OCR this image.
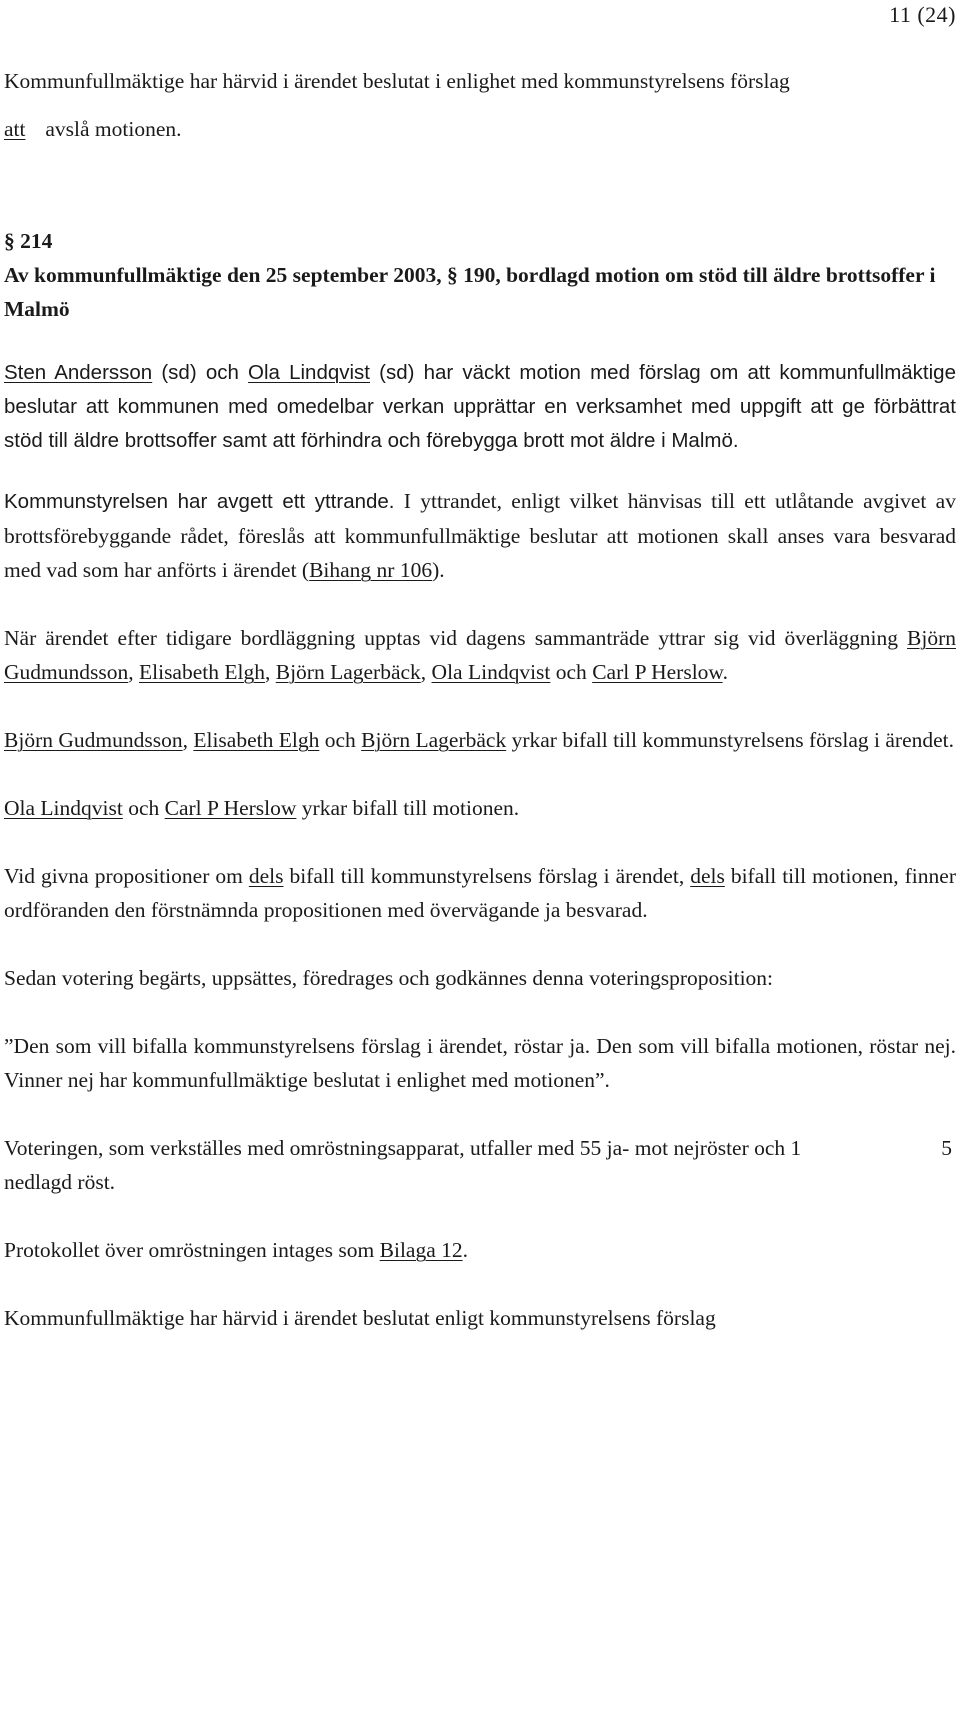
11 (24)

Kommunfullmäktige har härvid i ärendet beslutat i enlighet med kommunstyrelsens förslag

att avslå motionen.

§ 214

Av kommunfullmäktige den 25 september 2003, § 190, bordlagd motion om stöd till äldre brottsoffer i Malmö

Sten Andersson (sd) och Ola Lindqvist (sd) har väckt motion med förslag om att kommunfullmäktige beslutar att kommunen med omedelbar verkan upprättar en verksamhet med uppgift att ge förbättrat stöd till äldre brottsoffer samt att förhindra och förebygga brott mot äldre i Malmö.

Kommunstyrelsen har avgett ett yttrande. I yttrandet, enligt vilket hänvisas till ett utlåtande avgivet av brottsförebyggande rådet, föreslås att kommunfullmäktige beslutar att motionen skall anses vara besvarad med vad som har anförts i ärendet (Bihang nr 106).

När ärendet efter tidigare bordläggning upptas vid dagens sammanträde yttrar sig vid överläggning Björn Gudmundsson, Elisabeth Elgh, Björn Lagerbäck, Ola Lindqvist och Carl P Herslow.

Björn Gudmundsson, Elisabeth Elgh och Björn Lagerbäck yrkar bifall till kommunstyrelsens förslag i ärendet.

Ola Lindqvist och Carl P Herslow yrkar bifall till motionen.

Vid givna propositioner om dels bifall till kommunstyrelsens förslag i ärendet, dels bifall till motionen, finner ordföranden den förstnämnda propositionen med övervägande ja besvarad.

Sedan votering begärts, uppsättes, föredrages och godkännes denna voteringsproposition:

”Den som vill bifalla kommunstyrelsens förslag i ärendet, röstar ja. Den som vill bifalla motionen, röstar nej. Vinner nej har kommunfullmäktige beslutat i enlighet med motionen”.

Voteringen, som verkställes med omröstningsapparat, utfaller med 55 ja- mot nejröster och 1 nedlagd röst.

5

Protokollet över omröstningen intages som Bilaga 12.

Kommunfullmäktige har härvid i ärendet beslutat enligt kommunstyrelsens förslag
